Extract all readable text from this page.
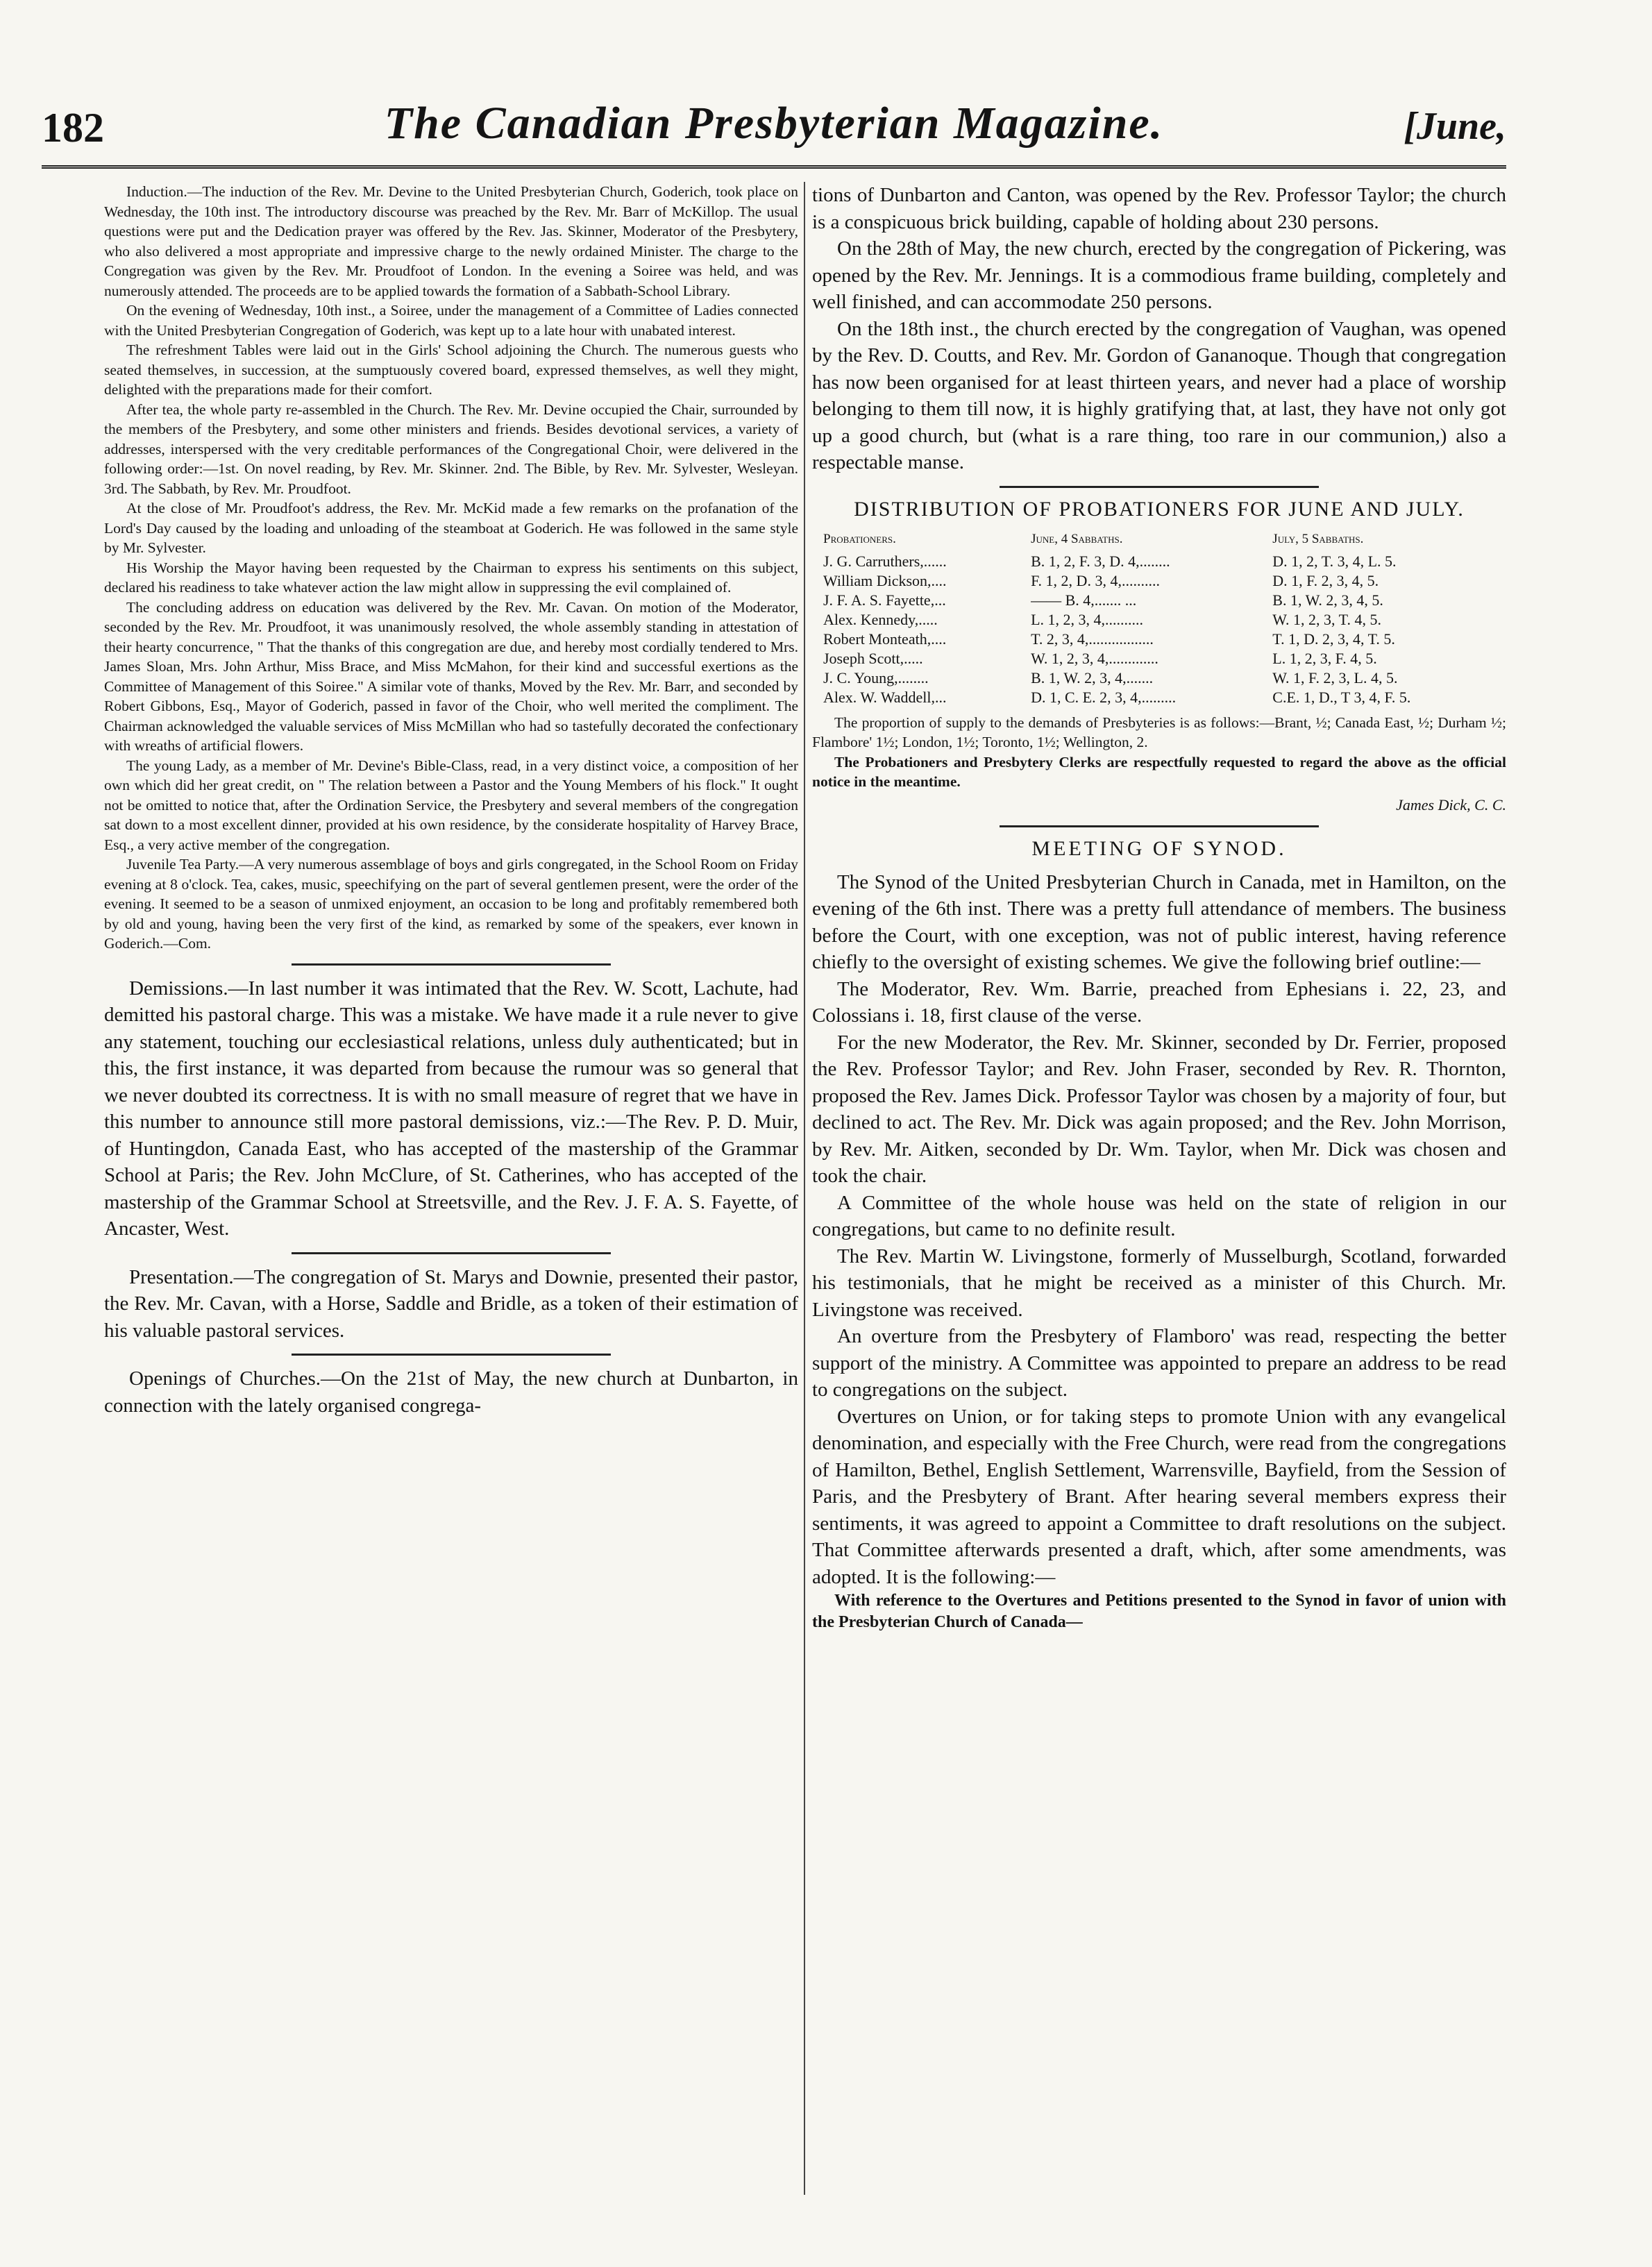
182	The Canadian Presbyterian Magazine.	[June,

Induction.—The induction of the Rev. Mr. Devine to the United Presbyterian Church, Goderich, took place on Wednesday, the 10th inst. The introductory discourse was preached by the Rev. Mr. Barr of McKillop. The usual questions were put and the Dedication prayer was offered by the Rev. Jas. Skinner, Moderator of the Presbytery, who also delivered a most appropriate and impressive charge to the newly ordained Minister. The charge to the Congregation was given by the Rev. Mr. Proudfoot of London. In the evening a Soiree was held, and was numerously attended. The proceeds are to be applied towards the formation of a Sabbath-School Library.

On the evening of Wednesday, 10th inst., a Soiree, under the management of a Committee of Ladies connected with the United Presbyterian Congregation of Goderich, was kept up to a late hour with unabated interest.

The refreshment Tables were laid out in the Girls' School adjoining the Church. The numerous guests who seated themselves, in succession, at the sumptuously covered board, expressed themselves, as well they might, delighted with the preparations made for their comfort.

After tea, the whole party re-assembled in the Church. The Rev. Mr. Devine occupied the Chair, surrounded by the members of the Presbytery, and some other ministers and friends. Besides devotional services, a variety of addresses, interspersed with the very creditable performances of the Congregational Choir, were delivered in the following order:—1st. On novel reading, by Rev. Mr. Skinner. 2nd. The Bible, by Rev. Mr. Sylvester, Wesleyan. 3rd. The Sabbath, by Rev. Mr. Proudfoot.

At the close of Mr. Proudfoot's address, the Rev. Mr. McKid made a few remarks on the profanation of the Lord's Day caused by the loading and unloading of the steamboat at Goderich. He was followed in the same style by Mr. Sylvester.

His Worship the Mayor having been requested by the Chairman to express his sentiments on this subject, declared his readiness to take whatever action the law might allow in suppressing the evil complained of.

The concluding address on education was delivered by the Rev. Mr. Cavan. On motion of the Moderator, seconded by the Rev. Mr. Proudfoot, it was unanimously resolved, the whole assembly standing in attestation of their hearty concurrence, " That the thanks of this congregation are due, and hereby most cordially tendered to Mrs. James Sloan, Mrs. John Arthur, Miss Brace, and Miss McMahon, for their kind and successful exertions as the Committee of Management of this Soiree." A similar vote of thanks, Moved by the Rev. Mr. Barr, and seconded by Robert Gibbons, Esq., Mayor of Goderich, passed in favor of the Choir, who well merited the compliment. The Chairman acknowledged the valuable services of Miss McMillan who had so tastefully decorated the confectionary with wreaths of artificial flowers.

The young Lady, as a member of Mr. Devine's Bible-Class, read, in a very distinct voice, a composition of her own which did her great credit, on " The relation between a Pastor and the Young Members of his flock." It ought not be omitted to notice that, after the Ordination Service, the Presbytery and several members of the congregation sat down to a most excellent dinner, provided at his own residence, by the considerate hospitality of Harvey Brace, Esq., a very active member of the congregation.

Juvenile Tea Party.—A very numerous assemblage of boys and girls congregated, in the School Room on Friday evening at 8 o'clock. Tea, cakes, music, speechifying on the part of several gentlemen present, were the order of the evening. It seemed to be a season of unmixed enjoyment, an occasion to be long and profitably remembered both by old and young, having been the very first of the kind, as remarked by some of the speakers, ever known in Goderich.—Com.

Demissions.—In last number it was intimated that the Rev. W. Scott, Lachute, had demitted his pastoral charge. This was a mistake. We have made it a rule never to give any statement, touching our ecclesiastical relations, unless duly authenticated; but in this, the first instance, it was departed from because the rumour was so general that we never doubted its correctness. It is with no small measure of regret that we have in this number to announce still more pastoral demissions, viz.:—The Rev. P. D. Muir, of Huntingdon, Canada East, who has accepted of the mastership of the Grammar School at Paris; the Rev. John McClure, of St. Catherines, who has accepted of the mastership of the Grammar School at Streetsville, and the Rev. J. F. A. S. Fayette, of Ancaster, West.

Presentation.—The congregation of St. Marys and Downie, presented their pastor, the Rev. Mr. Cavan, with a Horse, Saddle and Bridle, as a token of their estimation of his valuable pastoral services.

Openings of Churches.—On the 21st of May, the new church at Dunbarton, in connection with the lately organised congrega-

tions of Dunbarton and Canton, was opened by the Rev. Professor Taylor; the church is a conspicuous brick building, capable of holding about 230 persons.

On the 28th of May, the new church, erected by the congregation of Pickering, was opened by the Rev. Mr. Jennings. It is a commodious frame building, completely and well finished, and can accommodate 250 persons.

On the 18th inst., the church erected by the congregation of Vaughan, was opened by the Rev. D. Coutts, and Rev. Mr. Gordon of Gananoque. Though that congregation has now been organised for at least thirteen years, and never had a place of worship belonging to them till now, it is highly gratifying that, at last, they have not only got up a good church, but (what is a rare thing, too rare in our communion,) also a respectable manse.

DISTRIBUTION OF PROBATIONERS FOR JUNE AND JULY.
Probationers.	June, 4 Sabbaths.	July, 5 Sabbaths.
J. G. Carruthers,......	B. 1, 2, F. 3, D. 4,........	D. 1, 2, T. 3, 4, L. 5.
William Dickson,....	F. 1, 2, D. 3, 4,..........	D. 1, F. 2, 3, 4, 5.
J. F. A. S. Fayette,...	—— B. 4,....... ...	B. 1, W. 2, 3, 4, 5.
Alex. Kennedy,.....	L. 1, 2, 3, 4,..........	W. 1, 2, 3, T. 4, 5.
Robert Monteath,....	T. 2, 3, 4,.................	T. 1, D. 2, 3, 4, T. 5.
Joseph Scott,.....	W. 1, 2, 3, 4,.............	L. 1, 2, 3, F. 4, 5.
J. C. Young,........	B. 1, W. 2, 3, 4,.......	W. 1, F. 2, 3, L. 4, 5.
Alex. W. Waddell,...	D. 1, C. E. 2, 3, 4,.........	C.E. 1, D., T 3, 4, F. 5.

The proportion of supply to the demands of Presbyteries is as follows:—Brant, ½; Canada East, ½; Durham ½; Flambore' 1½; London, 1½; Toronto, 1½; Wellington, 2.

The Probationers and Presbytery Clerks are respectfully requested to regard the above as the official notice in the meantime.

James Dick, C. C.
MEETING OF SYNOD.

The Synod of the United Presbyterian Church in Canada, met in Hamilton, on the evening of the 6th inst. There was a pretty full attendance of members. The business before the Court, with one exception, was not of public interest, having reference chiefly to the oversight of existing schemes. We give the following brief outline:—

The Moderator, Rev. Wm. Barrie, preached from Ephesians i. 22, 23, and Colossians i. 18, first clause of the verse.

For the new Moderator, the Rev. Mr. Skinner, seconded by Dr. Ferrier, proposed the Rev. Professor Taylor; and Rev. John Fraser, seconded by Rev. R. Thornton, proposed the Rev. James Dick. Professor Taylor was chosen by a majority of four, but declined to act. The Rev. Mr. Dick was again proposed; and the Rev. John Morrison, by Rev. Mr. Aitken, seconded by Dr. Wm. Taylor, when Mr. Dick was chosen and took the chair.

A Committee of the whole house was held on the state of religion in our congregations, but came to no definite result.

The Rev. Martin W. Livingstone, formerly of Musselburgh, Scotland, forwarded his testimonials, that he might be received as a minister of this Church. Mr. Livingstone was received.

An overture from the Presbytery of Flamboro' was read, respecting the better support of the ministry. A Committee was appointed to prepare an address to be read to congregations on the subject.

Overtures on Union, or for taking steps to promote Union with any evangelical denomination, and especially with the Free Church, were read from the congregations of Hamilton, Bethel, English Settlement, Warrensville, Bayfield, from the Session of Paris, and the Presbytery of Brant. After hearing several members express their sentiments, it was agreed to appoint a Committee to draft resolutions on the subject. That Committee afterwards presented a draft, which, after some amendments, was adopted. It is the following:—

With reference to the Overtures and Petitions presented to the Synod in favor of union with the Presbyterian Church of Canada—
